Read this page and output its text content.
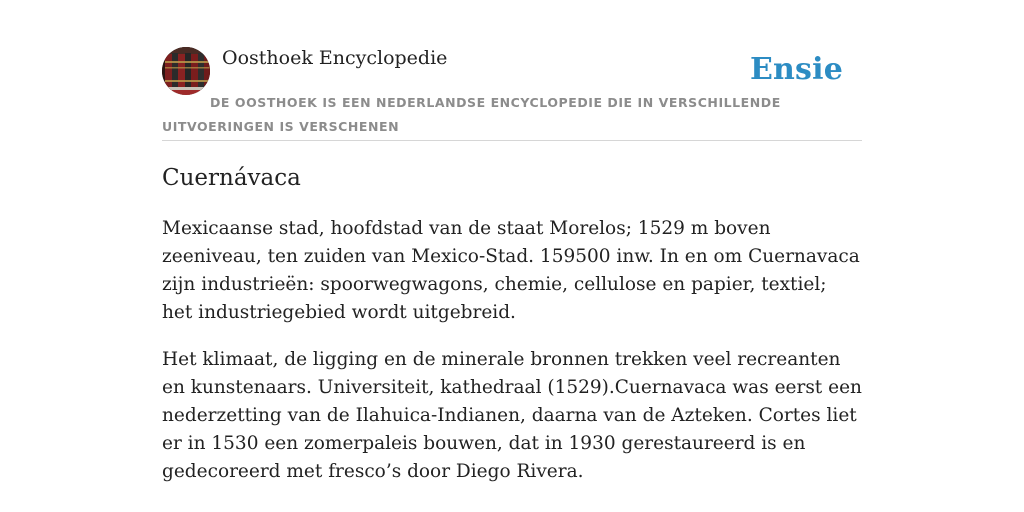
Oosthoek Encyclopedie	Ensie
DE OOSTHOEK IS EEN NEDERLANDSE ENCYCLOPEDIE DIE IN VERSCHILLENDE UITVOERINGEN IS VERSCHENEN
Cuernávaca

Mexicaanse stad, hoofdstad van de staat Morelos; 1529 m boven zeeniveau, ten zuiden van Mexico-Stad. 159500 inw. In en om Cuernavaca zijn industrieën: spoorwegwagons, chemie, cellulose en papier, textiel; het industriegebied wordt uitgebreid.

Het klimaat, de ligging en de minerale bronnen trekken veel recreanten en kunstenaars. Universiteit, kathedraal (1529).Cuernavaca was eerst een nederzetting van de Ilahuica-Indianen, daarna van de Azteken. Cortes liet er in 1530 een zomerpaleis bouwen, dat in 1930 gerestaureerd is en gedecoreerd met fresco’s door Diego Rivera.
